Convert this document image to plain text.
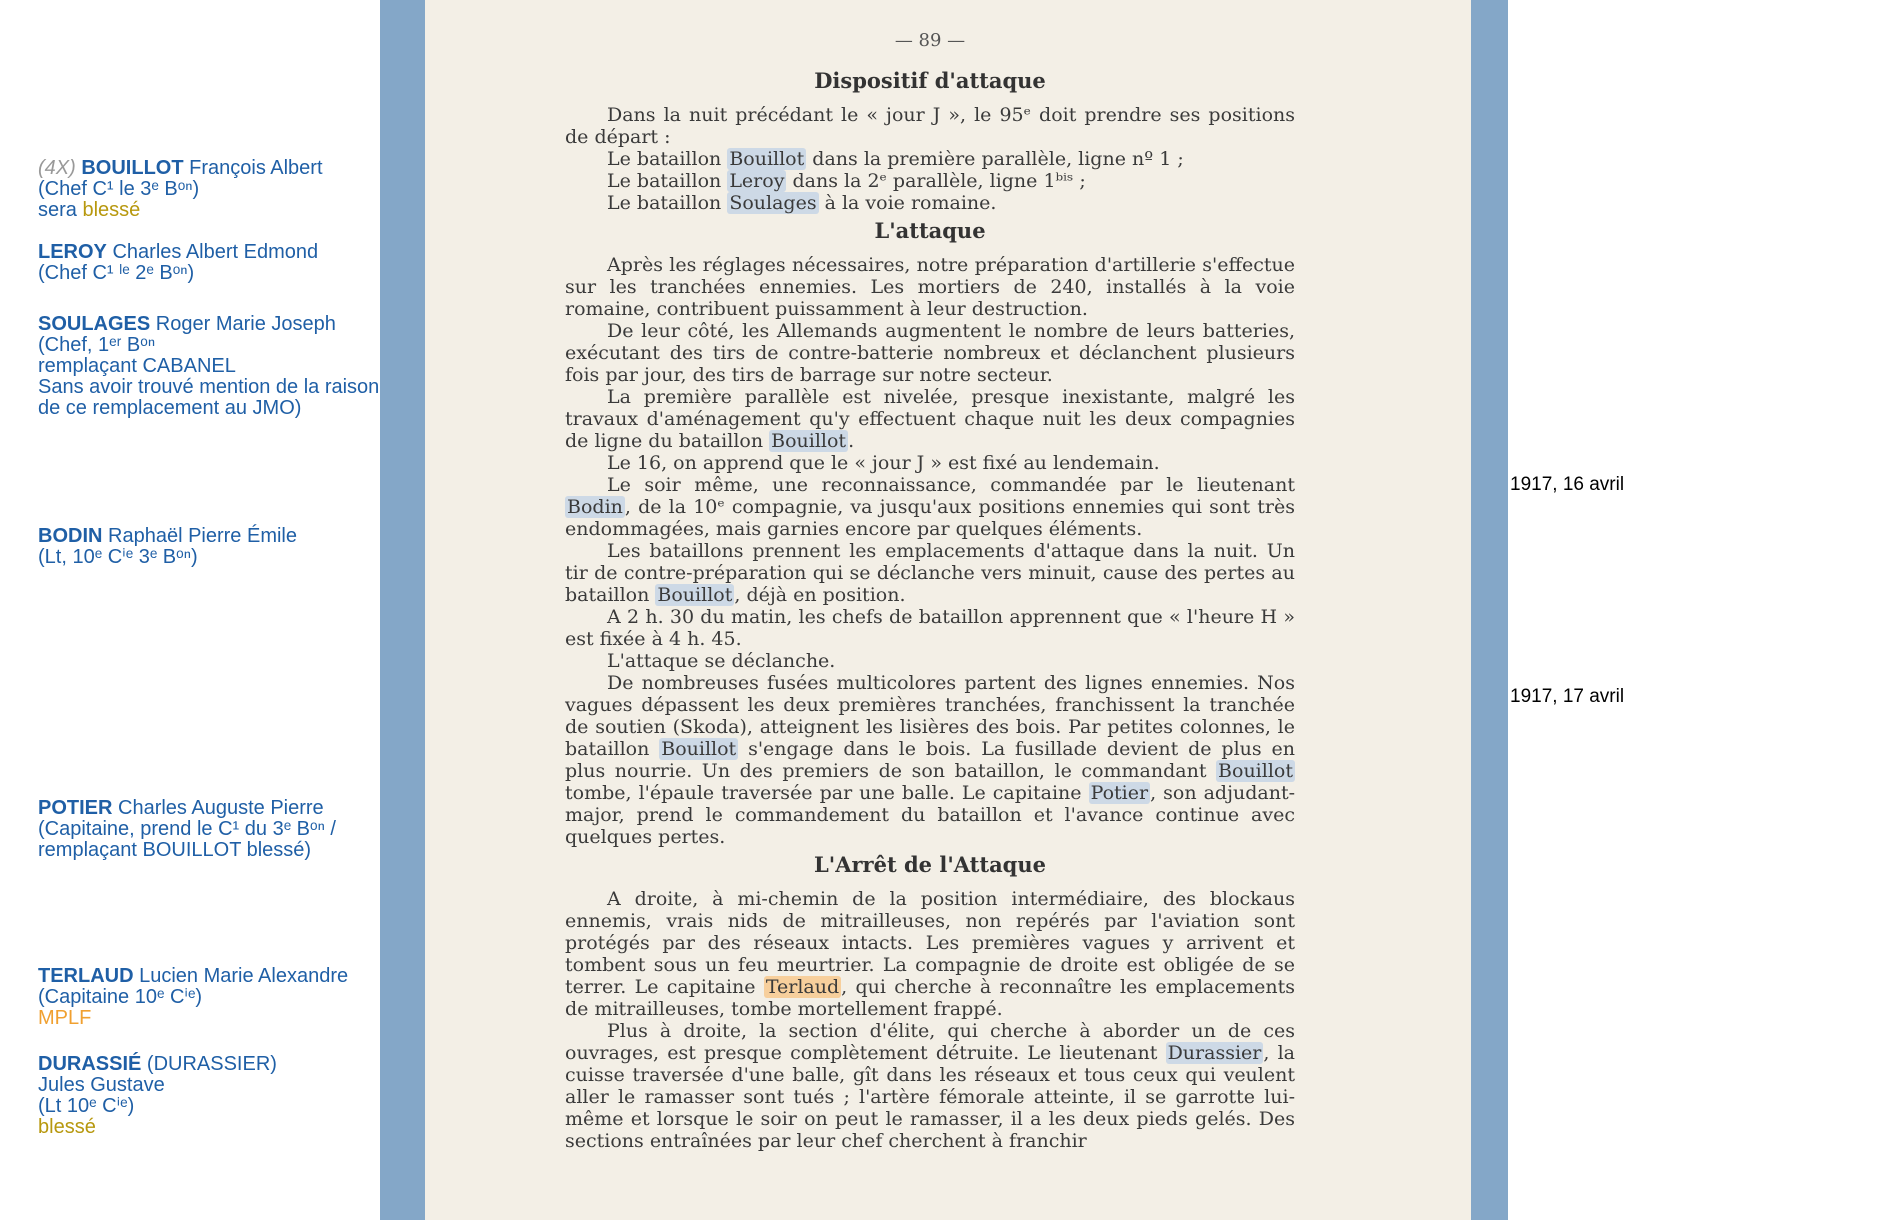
(4X) BOUILLOT François Albert
(Chef C¹ le 3ᵉ Bᵒⁿ)
sera blessé
LEROY Charles Albert Edmond
(Chef C¹ ˡᵉ 2ᵉ Bᵒⁿ)
SOULAGES Roger Marie Joseph
(Chef, 1ᵉʳ Bᵒⁿ
remplaçant CABANEL
Sans avoir trouvé mention de la raison de ce remplacement au JMO)
BODIN Raphaël Pierre Émile
(Lt, 10ᵉ Cⁱᵉ 3ᵉ Bᵒⁿ)
POTIER Charles Auguste Pierre
(Capitaine, prend le C¹ du 3ᵉ Bᵒⁿ / remplaçant BOUILLOT blessé)
TERLAUD Lucien Marie Alexandre
(Capitaine 10ᵉ Cⁱᵉ)
MPLF
DURASSIÉ (DURASSIER)
Jules Gustave
(Lt 10ᵉ Cⁱᵉ)
blessé
— 89 —
Dispositif d'attaque

Dans la nuit précédant le « jour J », le 95ᵉ doit prendre ses positions de départ :

Le bataillon Bouillot dans la première parallèle, ligne nº 1 ;
Le bataillon Leroy dans la 2ᵉ parallèle, ligne 1ᵇⁱˢ ;
Le bataillon Soulages à la voie romaine.
L'attaque

Après les réglages nécessaires, notre préparation d'artillerie s'effectue sur les tranchées ennemies. Les mortiers de 240, installés à la voie romaine, contribuent puissamment à leur destruction.

De leur côté, les Allemands augmentent le nombre de leurs batteries, exécutant des tirs de contre-batterie nombreux et déclanchent plusieurs fois par jour, des tirs de barrage sur notre secteur.

La première parallèle est nivelée, presque inexistante, malgré les travaux d'aménagement qu'y effectuent chaque nuit les deux compagnies de ligne du bataillon Bouillot .

Le 16, on apprend que le « jour J » est fixé au lendemain.

Le soir même, une reconnaissance, commandée par le lieutenant Bodin , de la 10ᵉ compagnie, va jusqu'aux positions ennemies qui sont très endommagées, mais garnies encore par quelques éléments.

Les bataillons prennent les emplacements d'attaque dans la nuit. Un tir de contre-préparation qui se déclanche vers minuit, cause des pertes au bataillon Bouillot , déjà en position.

A 2 h. 30 du matin, les chefs de bataillon apprennent que « l'heure H » est fixée à 4 h. 45.

L'attaque se déclanche.

De nombreuses fusées multicolores partent des lignes ennemies. Nos vagues dépassent les deux premières tranchées, franchissent la tranchée de soutien (Skoda), atteignent les lisières des bois. Par petites colonnes, le bataillon Bouillot s'engage dans le bois. La fusillade devient de plus en plus nourrie. Un des premiers de son bataillon, le commandant Bouillot tombe, l'épaule traversée par une balle. Le capitaine Potier , son adjudant-major, prend le commandement du bataillon et l'avance continue avec quelques pertes.

L'Arrêt de l'Attaque

A droite, à mi-chemin de la position intermédiaire, des blockaus ennemis, vrais nids de mitrailleuses, non repérés par l'aviation sont protégés par des réseaux intacts. Les premières vagues y arrivent et tombent sous un feu meurtrier. La compagnie de droite est obligée de se terrer. Le capitaine Terlaud , qui cherche à reconnaître les emplacements de mitrailleuses, tombe mortellement frappé.

Plus à droite, la section d'élite, qui cherche à aborder un de ces ouvrages, est presque complètement détruite. Le lieutenant Durassier , la cuisse traversée d'une balle, gît dans les réseaux et tous ceux qui veulent aller le ramasser sont tués ; l'artère fémorale atteinte, il se garrotte lui-même et lorsque le soir on peut le ramasser, il a les deux pieds gelés. Des sections entraînées par leur chef cherchent à franchir

1917, 16 avril
1917, 17 avril
